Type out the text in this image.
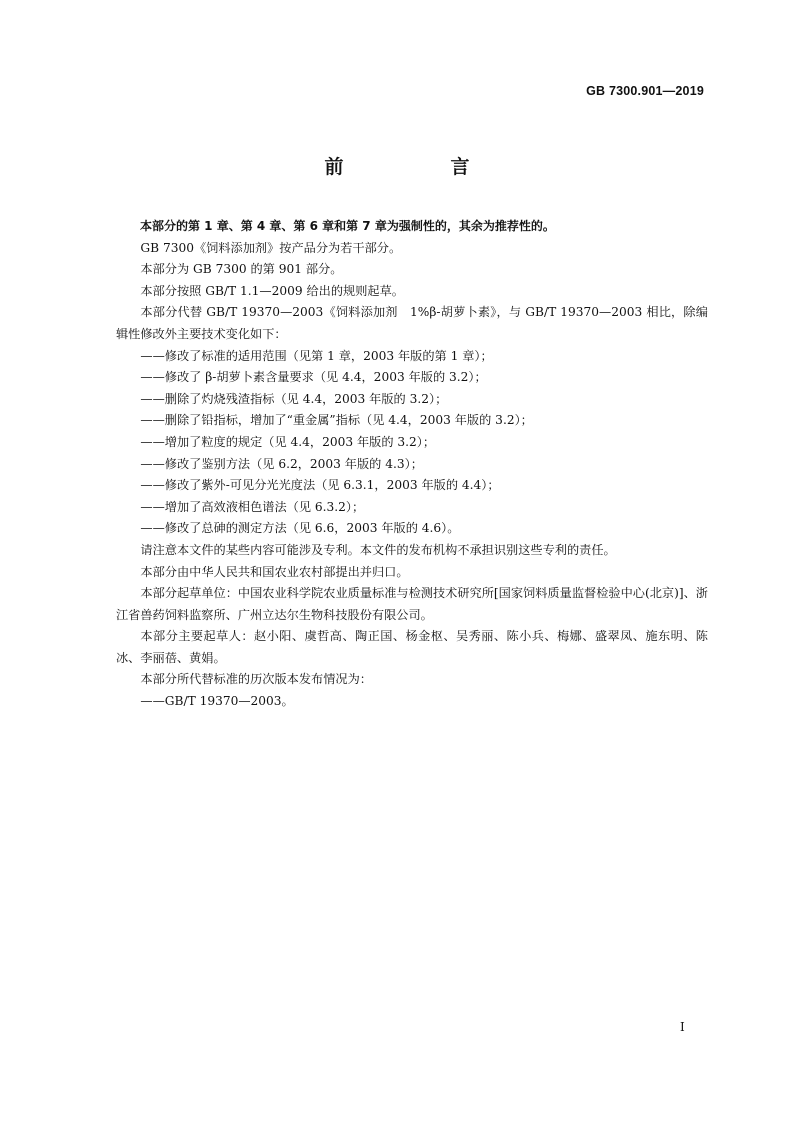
GB 7300.901—2019
前　言

本部分的第 1 章、第 4 章、第 6 章和第 7 章为强制性的，其余为推荐性的。

GB 7300《饲料添加剂》按产品分为若干部分。

本部分为 GB 7300 的第 901 部分。

本部分按照 GB/T 1.1—2009 给出的规则起草。

本部分代替 GB/T 19370—2003《饲料添加剂　1%β-胡萝卜素》，与 GB/T 19370—2003 相比，除编辑性修改外主要技术变化如下：

——修改了标准的适用范围（见第 1 章，2003 年版的第 1 章）；

——修改了 β-胡萝卜素含量要求（见 4.4，2003 年版的 3.2）；

——删除了灼烧残渣指标（见 4.4，2003 年版的 3.2）；

——删除了铅指标，增加了“重金属”指标（见 4.4，2003 年版的 3.2）；

——增加了粒度的规定（见 4.4，2003 年版的 3.2）；

——修改了鉴别方法（见 6.2，2003 年版的 4.3）；

——修改了紫外-可见分光光度法（见 6.3.1，2003 年版的 4.4）；

——增加了高效液相色谱法（见 6.3.2）；

——修改了总砷的测定方法（见 6.6，2003 年版的 4.6）。

请注意本文件的某些内容可能涉及专利。本文件的发布机构不承担识别这些专利的责任。

本部分由中华人民共和国农业农村部提出并归口。

本部分起草单位：中国农业科学院农业质量标准与检测技术研究所[国家饲料质量监督检验中心(北京)]、浙江省兽药饲料监察所、广州立达尔生物科技股份有限公司。

本部分主要起草人：赵小阳、虞哲高、陶正国、杨金枢、吴秀丽、陈小兵、梅娜、盛翠凤、施东明、陈冰、李丽蓓、黄娟。

本部分所代替标准的历次版本发布情况为：

——GB/T 19370—2003。

I
